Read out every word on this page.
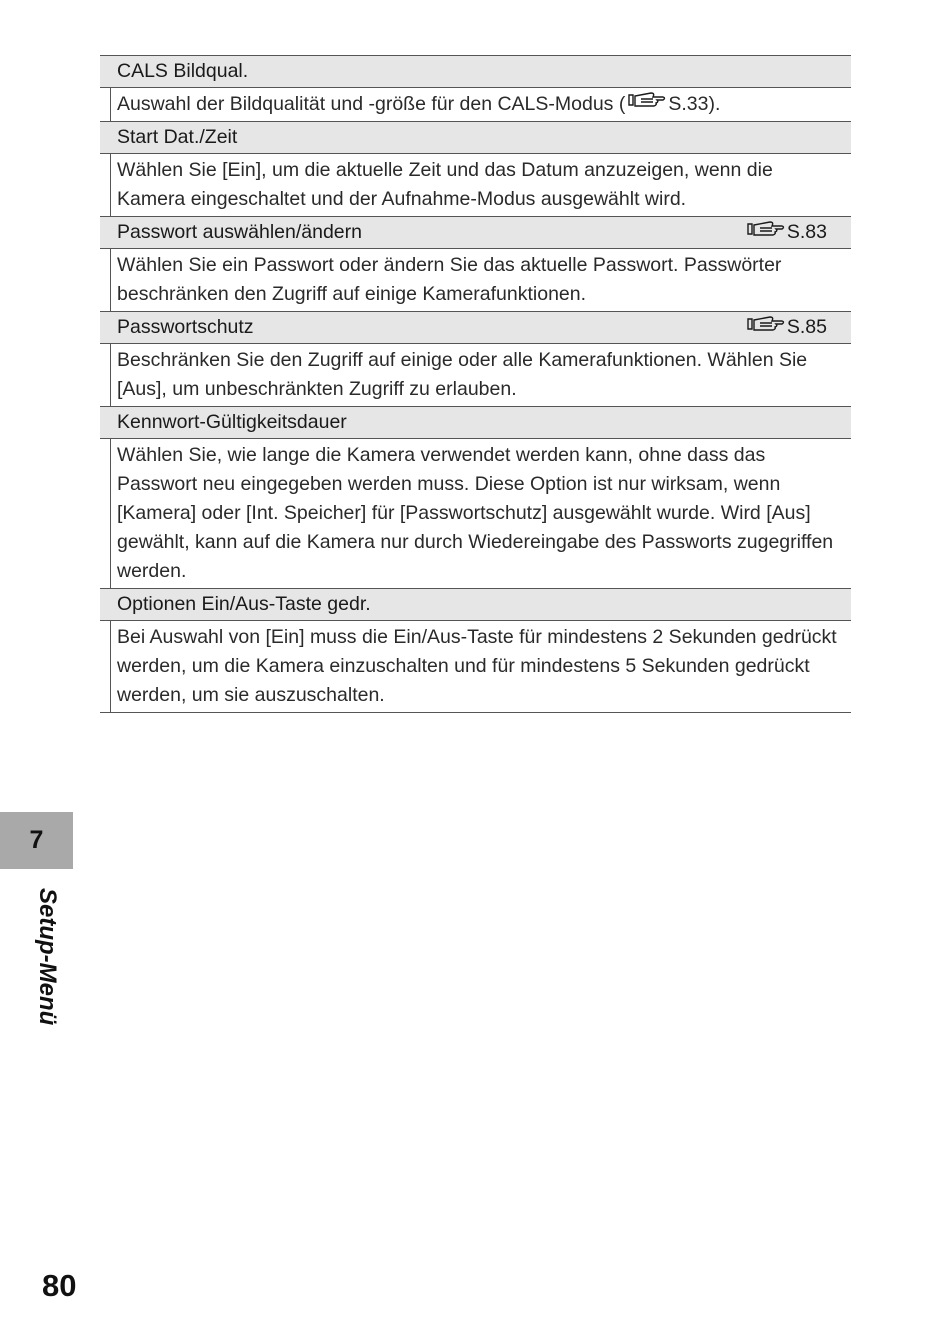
CALS Bildqual.
Auswahl der Bildqualität und -größe für den CALS-Modus ( S.33).
Start Dat./Zeit
Wählen Sie [Ein], um die aktuelle Zeit und das Datum anzuzeigen, wenn die Kamera eingeschaltet und der Aufnahme-Modus ausgewählt wird.
Passwort auswählen/ändern	S.83
Wählen Sie ein Passwort oder ändern Sie das aktuelle Passwort. Passwörter beschränken den Zugriff auf einige Kamerafunktionen.
Passwortschutz	S.85
Beschränken Sie den Zugriff auf einige oder alle Kamerafunktionen. Wählen Sie [Aus], um unbeschränkten Zugriff zu erlauben.
Kennwort-Gültigkeitsdauer
Wählen Sie, wie lange die Kamera verwendet werden kann, ohne dass das Passwort neu eingegeben werden muss. Diese Option ist nur wirksam, wenn [Kamera] oder [Int. Speicher] für [Passwortschutz] ausgewählt wurde. Wird [Aus] gewählt, kann auf die Kamera nur durch Wiedereingabe des Passworts zugegriffen werden.
Optionen Ein/Aus-Taste gedr.
Bei Auswahl von [Ein] muss die Ein/Aus-Taste für mindestens 2 Sekunden gedrückt werden, um die Kamera einzuschalten und für mindestens 5 Sekunden gedrückt werden, um sie auszuschalten.
7
Setup-Menü
80
